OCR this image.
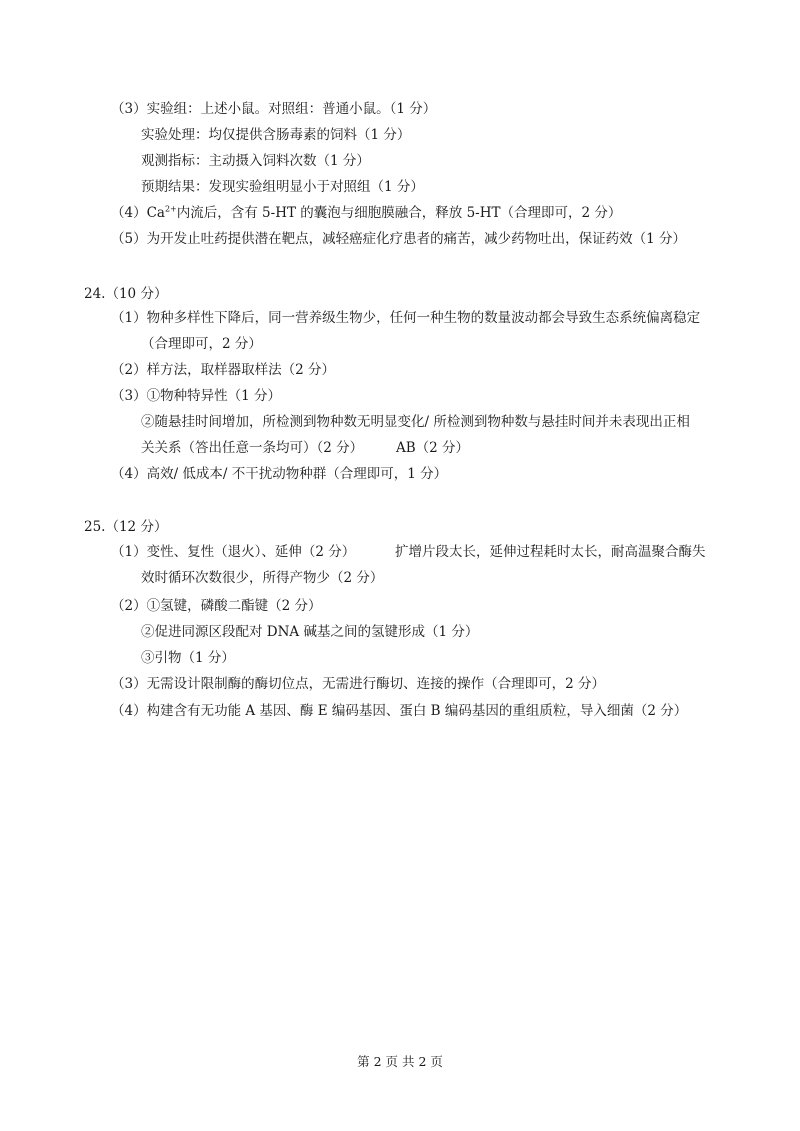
（3）实验组：上述小鼠。对照组：普通小鼠。（1 分）
实验处理：均仅提供含肠毒素的饲料（1 分）
观测指标：主动摄入饲料次数（1 分）
预期结果：发现实验组明显小于对照组（1 分）
$(4)Ca^{2+}$内流后，含有 5-HT 的囊泡与细胞膜融合，释放 5-HT（合理即可，2 分）
（5）为开发止吐药提供潜在靶点，减轻癌症化疗患者的痛苦，减少药物吐出，保证药效（1 分）
24.（10 分）
（1）物种多样性下降后，同一营养级生物少，任何一种生物的数量波动都会导致生态系统偏离稳定
（合理即可，2 分）
（2）样方法，取样器取样法（2 分）
（3）①物种特异性（1 分）
②随悬挂时间增加，所检测到物种数无明显变化/ 所检测到物种数与悬挂时间并未表现出正相
关关系（答出任意一条均可）（2 分） AB（2 分）
（4）高效/ 低成本/ 不干扰动物种群（合理即可，1 分）
25.（12 分）
（1）变性、复性（退火）、延伸（2 分）	扩增片段太长，延伸过程耗时太长，耐高温聚合酶失
效时循环次数很少，所得产物少（2 分）
（2）①氢键，磷酸二酯键（2 分）
②促进同源区段配对 DNA 碱基之间的氢键形成（1 分）
③引物（1 分）
（3）无需设计限制酶的酶切位点，无需进行酶切、连接的操作（合理即可，2 分）
（4）构建含有无功能 A 基因、酶 E 编码基因、蛋白 B 编码基因的重组质粒，导入细菌（2 分）
第 2 页 共 2 页
